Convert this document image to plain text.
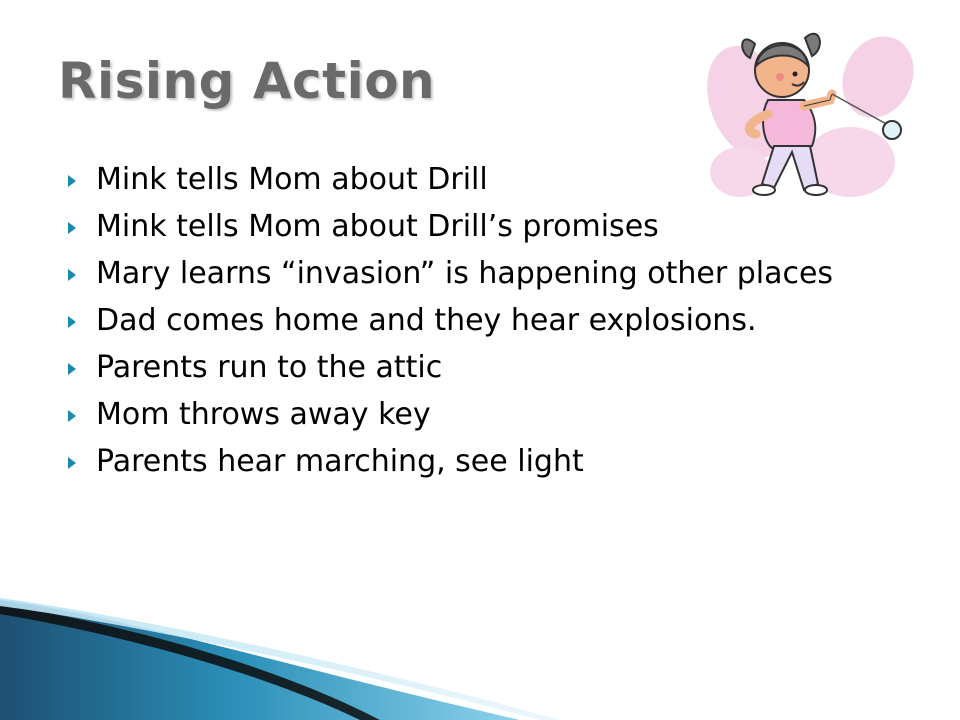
Rising Action
Mink tells Mom about Drill
Mink tells Mom about Drill’s promises
Mary learns “invasion” is happening other places
Dad comes home and they hear explosions.
Parents run to the attic
Mom throws away key
Parents hear marching, see light
